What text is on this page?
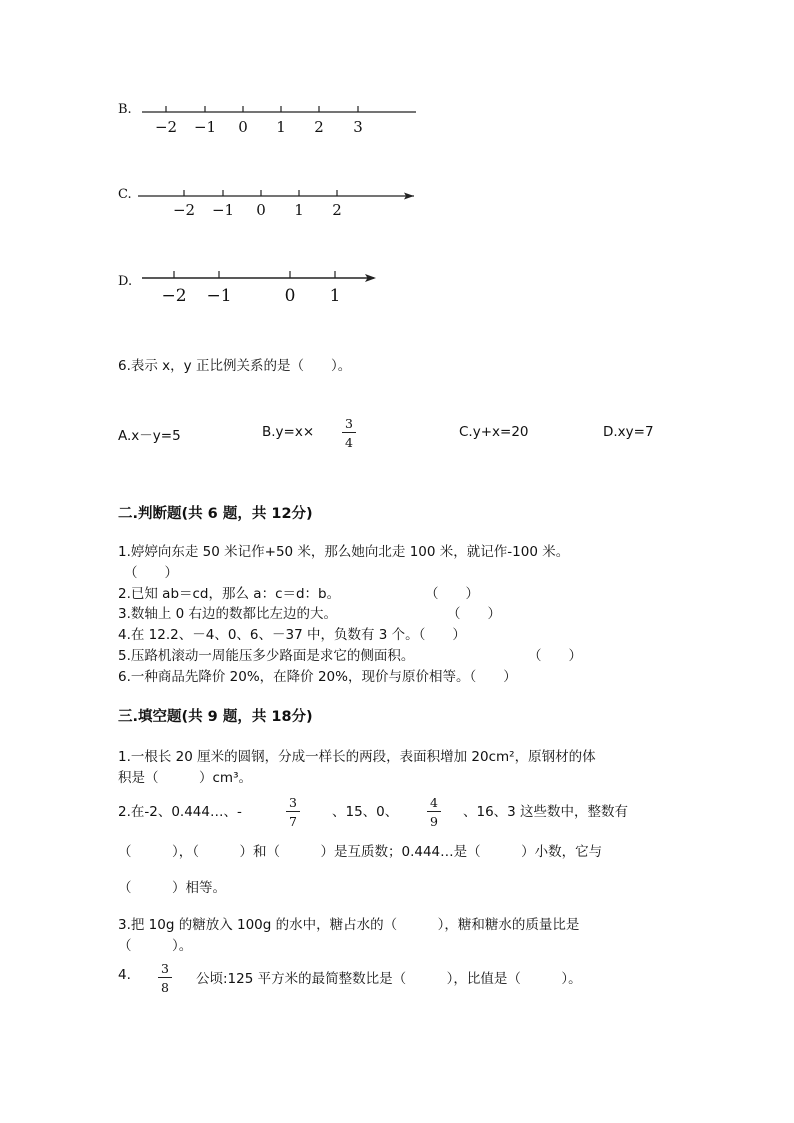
B.
−2 −1 0 1 2 3
C.
−2 −1 0 1 2
D.
−2 −1	0 1
6.表示 x，y 正比例关系的是（　　）。
A.x－y=5	B.y=x×
3
4
C.y+x=20	D.xy=7
二.判断题(共 6 题，共 12分)
1.婷婷向东走 50 米记作+50 米，那么她向北走 100 米，就记作-100 米。
（　　）
2.已知 ab＝cd，那么 a：c＝d：b。	（　　）
3.数轴上 0 右边的数都比左边的大。	（　　）
4.在 12.2、－4、0、6、－37 中，负数有 3 个。（　　）
5.压路机滚动一周能压多少路面是求它的侧面积。	（　　）
6.一种商品先降价 20%，在降价 20%，现价与原价相等。（　　）
三.填空题(共 9 题，共 18分)
1.一根长 20 厘米的圆钢，分成一样长的两段，表面积增加 20cm²，原钢材的体
积是（　　　）cm³。
2.在-2、0.444…、-
3
7
、15、0、
4
9
、16、3 这些数中，整数有
（　　　），（　　　）和（　　　）是互质数；0.444…是（　　　）小数，它与
（　　　）相等。
3.把 10g 的糖放入 100g 的水中，糖占水的（　　　），糖和糖水的质量比是
（　　　）。
4. 3
8
公顷:125 平方米的最简整数比是（　　　），比值是（　　　）。
